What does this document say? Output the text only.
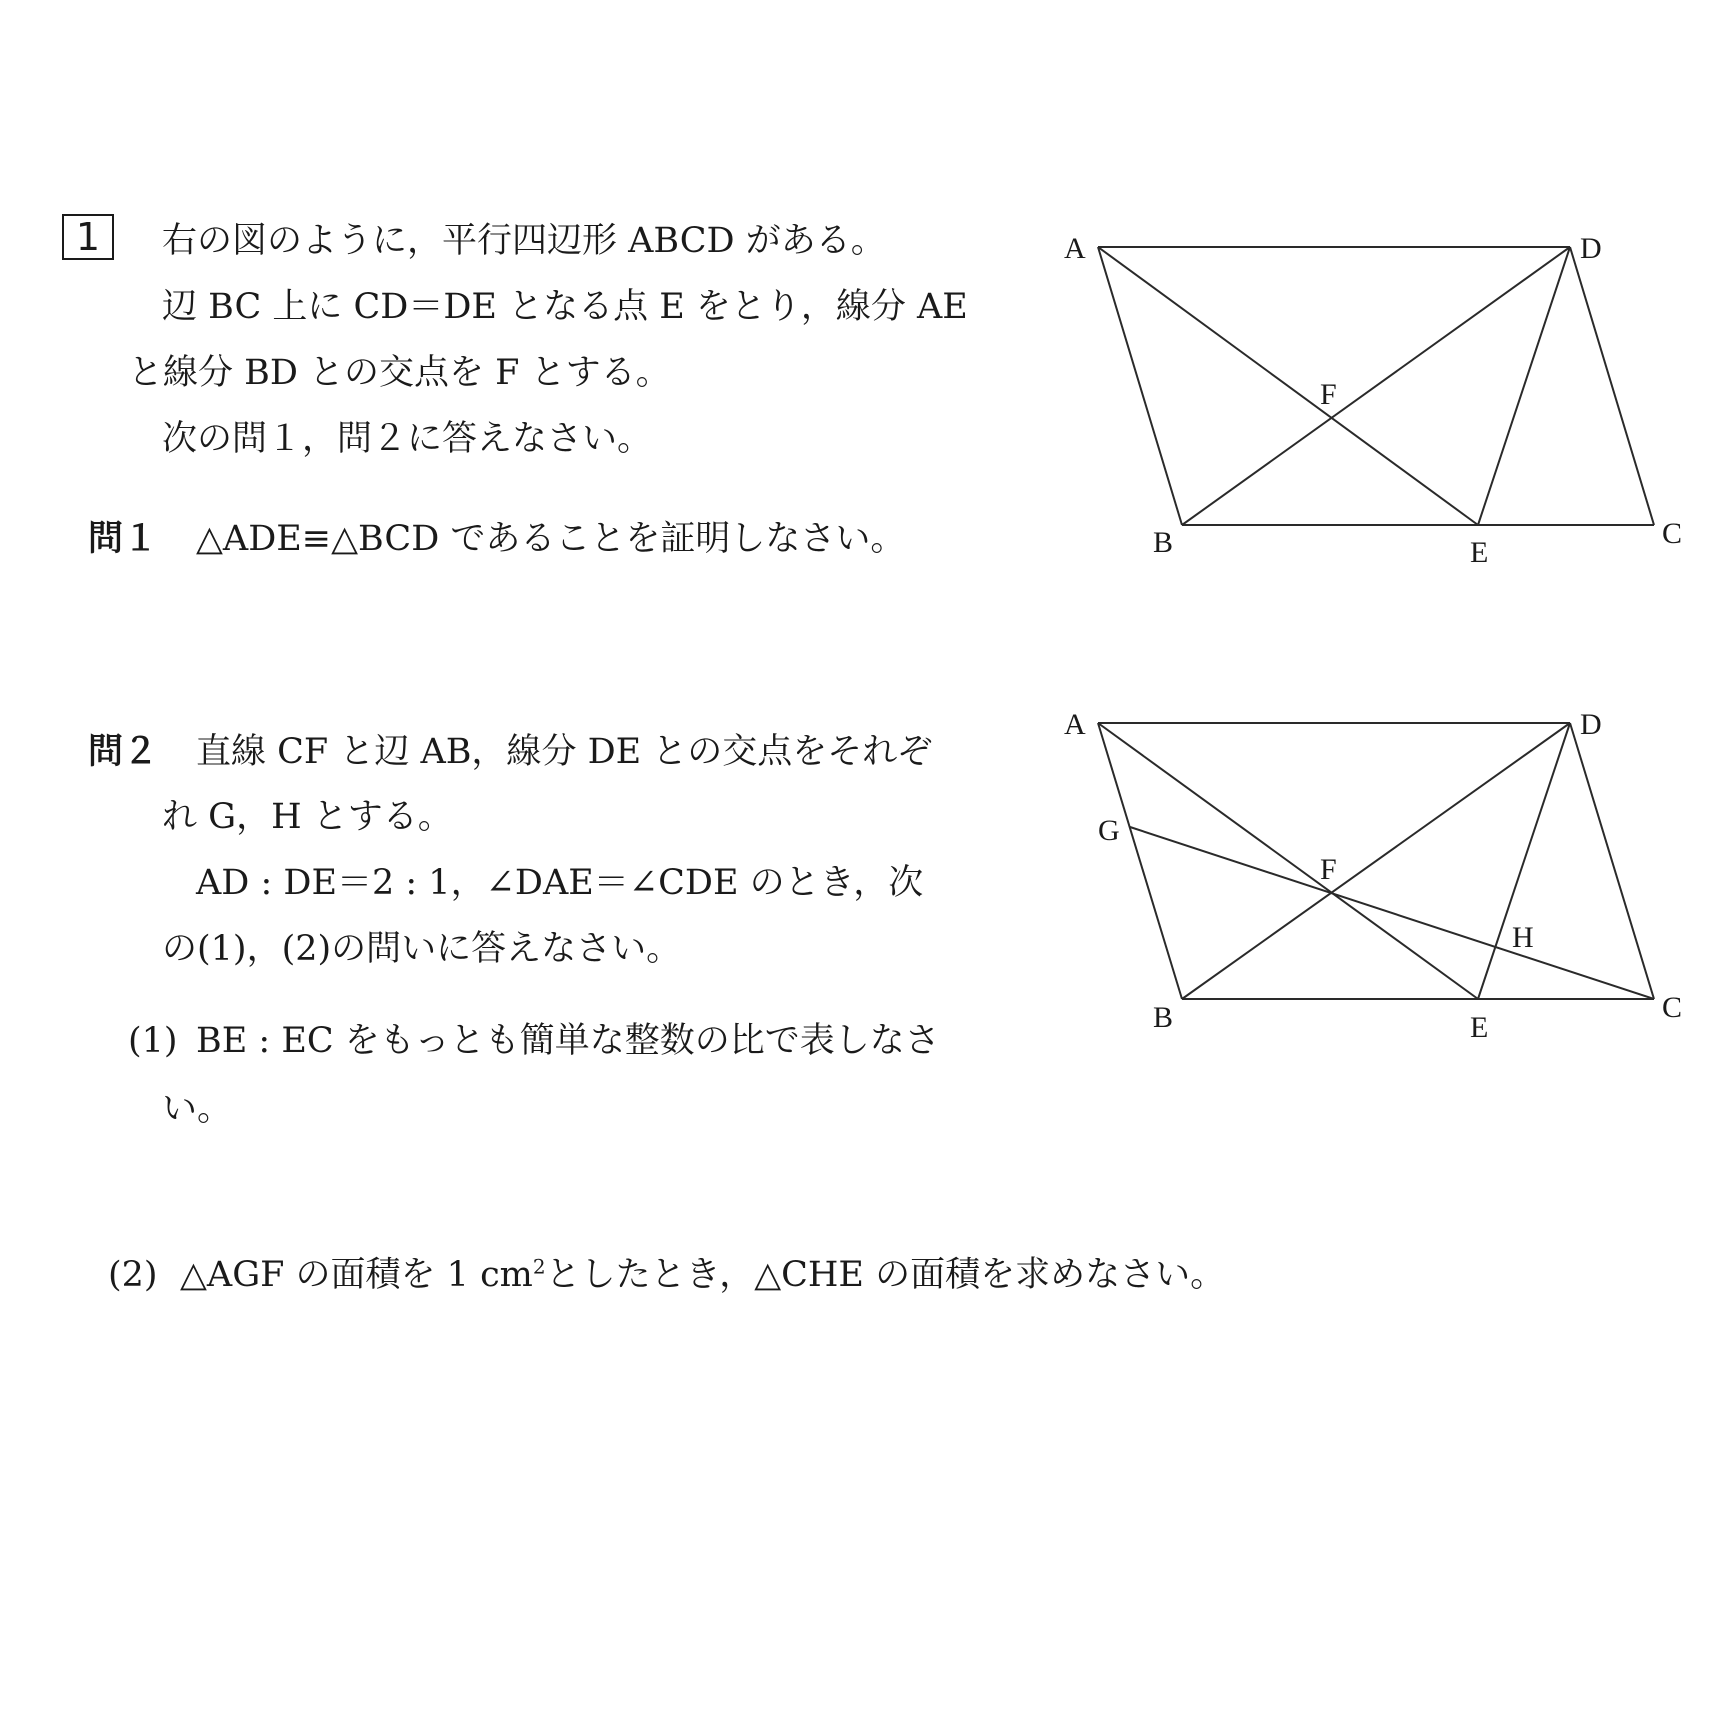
1 右の図のように，平行四辺形 ABCD がある。
辺 BC 上に CD＝DE となる点 E をとり，線分 AE
と線分 BD との交点を F とする。
次の問１，問２に答えなさい。
問１ △ADE≡△BCD であることを証明しなさい。
問２ 直線 CF と辺 AB，線分 DE との交点をそれぞ
れ G，H とする。
AD : DE＝2 : 1，∠DAE＝∠CDE のとき，次
の(1)，(2)の問いに答えなさい。
(1) BE : EC をもっとも簡単な整数の比で表しなさ
い。
(2) △AGF の面積を 1 $cm^2$としたとき，△CHE の面積を求めなさい。
A	D
B	E
C
F
A	D
G
F
H
B	E
C
